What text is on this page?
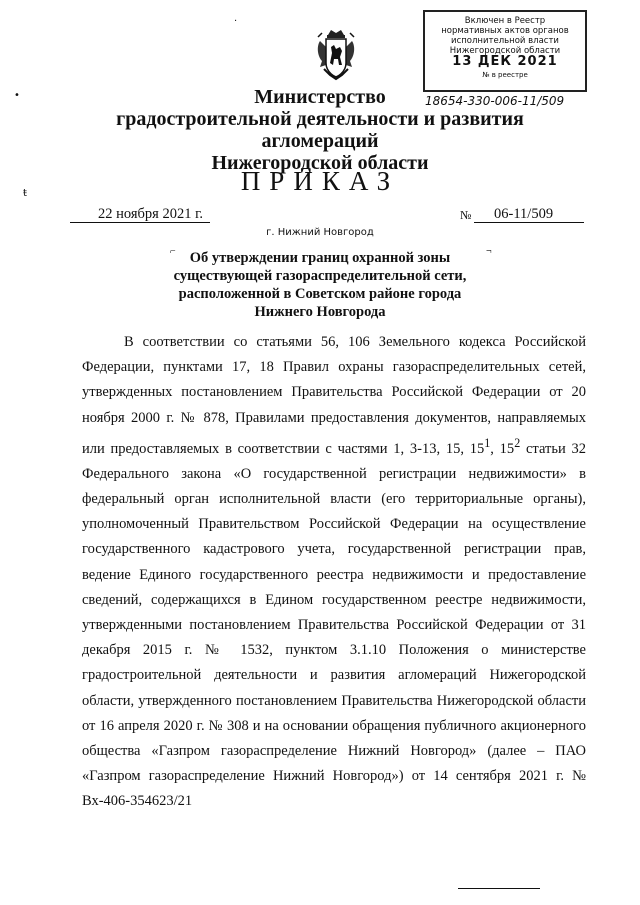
Включен в Реестр
нормативных актов органов
исполнительной власти
Нижегородской области
13 ДЕК 2021
№ в реестре
18654-330-006-11/509
Министерство
градостроительной деятельности и развития агломераций
Нижегородской области
ПРИКАЗ
22 ноября 2021 г.	№ 06-11/509
г. Нижний Новгород
⌐	¬
Об утверждении границ охранной зоны
существующей газораспределительной сети,
расположенной в Советском районе города
Нижнего Новгорода
В соответствии со статьями 56, 106 Земельного кодекса Российской Федерации, пунктами 17, 18 Правил охраны газораспределительных сетей, утвержденных постановлением Правительства Российской Федерации от 20 ноября 2000 г. № 878, Правилами предоставления документов, направляемых или предоставляемых в соответствии с частями 1, 3-13, 15, $15^1$, $15^2$ статьи 32 Федерального закона «О государственной регистрации недвижимости» в федеральный орган исполнительной власти (его территориальные органы), уполномоченный Правительством Российской Федерации на осуществление государственного кадастрового учета, государственной регистрации прав, ведение Единого государственного реестра недвижимости и предоставление сведений, содержащихся в Едином государственном реестре недвижимости, утвержденными постановлением Правительства Российской Федерации от 31 декабря 2015 г. № 1532, пунктом 3.1.10 Положения о министерстве градостроительной деятельности и развития агломераций Нижегородской области, утвержденного постановлением Правительства Нижегородской области от 16 апреля 2020 г. № 308 и на основании обращения публичного акционерного общества «Газпром газораспределение Нижний Новгород» (далее – ПАО «Газпром газораспределение Нижний Новгород») от 14 сентября 2021 г. № Вх-406-354623/21
·
ŧ
•
